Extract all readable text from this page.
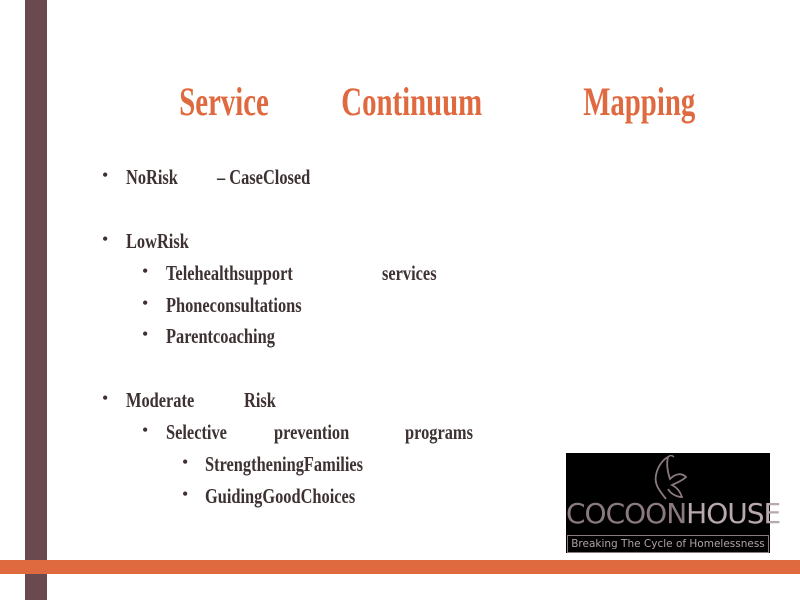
Service Continuum	Mapping
• NoRisk – CaseClosed
• LowRisk
• Telehealthsupport	services
• Phoneconsultations
• Parentcoaching
• Moderate Risk
• Selective prevention	programs
• StrengtheningFamilies
• GuidingGoodChoices
COCOONHOUSE
Breaking The Cycle of Homelessness
